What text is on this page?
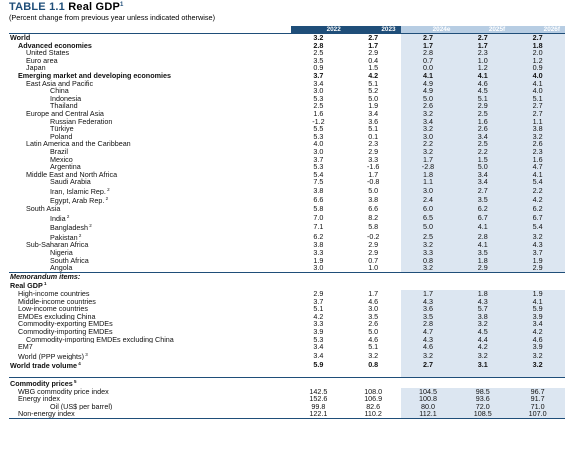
TABLE 1.1 Real GDP$^1$
(Percent change from previous year unless indicated otherwise)
	2022	2023	2024e	2025f	2026f
World	3.2	2.7	2.7	2.7	2.7
Advanced economies	2.8	1.7	1.7	1.7	1.8
United States	2.5	2.9	2.8	2.3	2.0
Euro area	3.5	0.4	0.7	1.0	1.2
Japan	0.9	1.5	0.0	1.2	0.9
Emerging market and developing economies	3.7	4.2	4.1	4.1	4.0
East Asia and Pacific	3.4	5.1	4.9	4.6	4.1
China	3.0	5.2	4.9	4.5	4.0
Indonesia	5.3	5.0	5.0	5.1	5.1
Thailand	2.5	1.9	2.6	2.9	2.7
Europe and Central Asia	1.6	3.4	3.2	2.5	2.7
Russian Federation	-1.2	3.6	3.4	1.6	1.1
Türkiye	5.5	5.1	3.2	2.6	3.8
Poland	5.3	0.1	3.0	3.4	3.2
Latin America and the Caribbean	4.0	2.3	2.2	2.5	2.6
Brazil	3.0	2.9	3.2	2.2	2.3
Mexico	3.7	3.3	1.7	1.5	1.6
Argentina	5.3	-1.6	-2.8	5.0	4.7
Middle East and North Africa	5.4	1.7	1.8	3.4	4.1
Saudi Arabia	7.5	-0.8	1.1	3.4	5.4
Iran, Islamic Rep. $^2$	3.8	5.0	3.0	2.7	2.2
Egypt, Arab Rep. $^2$	6.6	3.8	2.4	3.5	4.2
South Asia	5.8	6.6	6.0	6.2	6.2
India $^2$	7.0	8.2	6.5	6.7	6.7
Bangladesh $^2$	7.1	5.8	5.0	4.1	5.4
Pakistan $^2$	6.2	-0.2	2.5	2.8	3.2
Sub-Saharan Africa	3.8	2.9	3.2	4.1	4.3
Nigeria	3.3	2.9	3.3	3.5	3.7
South Africa	1.9	0.7	0.8	1.8	1.9
Angola	3.0	1.0	3.2	2.9	2.9
Memorandum items:					
Real GDP $^1$					
High-income countries	2.9	1.7	1.7	1.8	1.9
Middle-income countries	3.7	4.6	4.3	4.3	4.1
Low-income countries	5.1	3.0	3.6	5.7	5.9
EMDEs excluding China	4.2	3.5	3.5	3.8	3.9
Commodity-exporting EMDEs	3.3	2.6	2.8	3.2	3.4
Commodity-importing EMDEs	3.9	5.0	4.7	4.5	4.2
Commodity-importing EMDEs excluding China	5.3	4.6	4.3	4.4	4.6
EM7	3.4	5.1	4.6	4.2	3.9
World (PPP weights) $^3$	3.4	3.2	3.2	3.2	3.2
World trade volume $^4$	5.9	0.8	2.7	3.1	3.2

Commodity prices $^5$					
WBG commodity price index	142.5	108.0	104.5	98.5	96.7
Energy index	152.6	106.9	100.8	93.6	91.7
Oil (US$ per barrel)	99.8	82.6	80.0	72.0	71.0
Non-energy index	122.1	110.2	112.1	108.5	107.0
